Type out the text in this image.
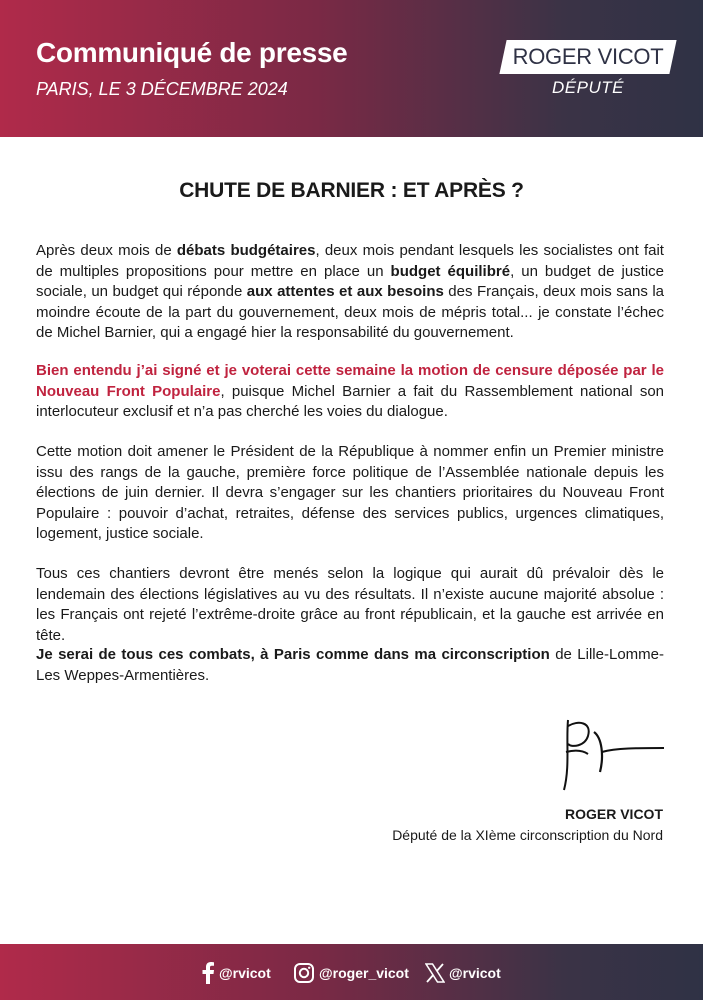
Communiqué de presse
PARIS, LE 3 DÉCEMBRE 2024
ROGER VICOT
DÉPUTÉ
CHUTE DE BARNIER : ET APRÈS ?

Après deux mois de débats budgétaires, deux mois pendant lesquels les socialistes ont fait de multiples propositions pour mettre en place un budget équilibré, un budget de justice sociale, un budget qui réponde aux attentes et aux besoins des Français, deux mois sans la moindre écoute de la part du gouvernement, deux mois de mépris total... je constate l’échec de Michel Barnier, qui a engagé hier la responsabilité du gouvernement.

Bien entendu j’ai signé et je voterai cette semaine la motion de censure déposée par le Nouveau Front Populaire, puisque Michel Barnier a fait du Rassemblement national son interlocuteur exclusif et n’a pas cherché les voies du dialogue.

Cette motion doit amener le Président de la République à nommer enfin un Premier ministre issu des rangs de la gauche, première force politique de l’Assemblée nationale depuis les élections de juin dernier. Il devra s’engager sur les chantiers prioritaires du Nouveau Front Populaire : pouvoir d’achat, retraites, défense des services publics, urgences climatiques, logement, justice sociale.

Tous ces chantiers devront être menés selon la logique qui aurait dû prévaloir dès le lendemain des élections législatives au vu des résultats. Il n’existe aucune majorité absolue : les Français ont rejeté l’extrême-droite grâce au front républicain, et la gauche est arrivée en tête.

Je serai de tous ces combats, à Paris comme dans ma circonscription de Lille-Lomme-Les Weppes-Armentières.

ROGER VICOT
Député de la XIème circonscription du Nord
@rvicot	@roger_vicot	@rvicot
